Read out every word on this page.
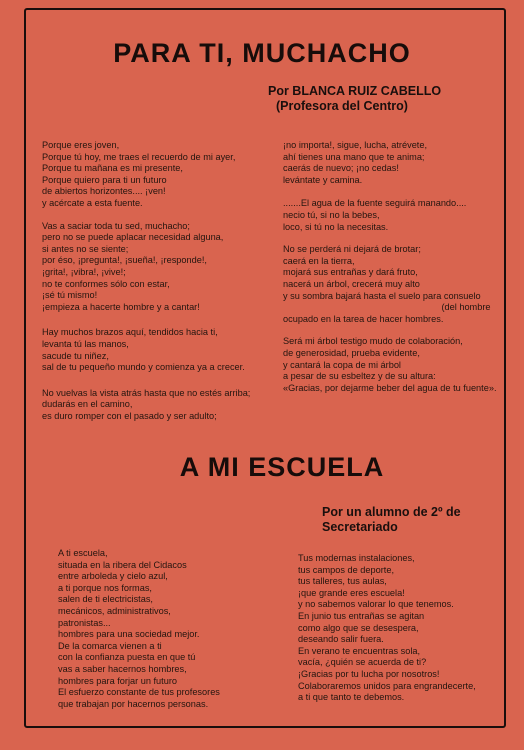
PARA TI, MUCHACHO
Por BLANCA RUIZ CABELLO
(Profesora del Centro)
Porque eres joven,
Porque tú hoy, me traes el recuerdo de mi ayer,
Porque tu mañana es mi presente,
Porque quiero para ti un futuro
de abiertos horizontes.... ¡ven!
y acércate a esta fuente.
Vas a saciar toda tu sed, muchacho;
pero no se puede aplacar necesidad alguna,
si antes no se siente;
por éso, ¡pregunta!, ¡sueña!, ¡responde!,
¡grita!, ¡vibra!, ¡vive!;
no te conformes sólo con estar,
¡sé tú mismo!
¡empieza a hacerte hombre y a cantar!
Hay muchos brazos aquí, tendidos hacia ti,
levanta tú las manos,
sacude tu niñez,
sal de tu pequeño mundo y comienza ya a crecer.
No vuelvas la vista atrás hasta que no estés arriba;
dudarás en el camino,
es duro romper con el pasado y ser adulto;
¡no importa!, sigue, lucha, atrévete,
ahí tienes una mano que te anima;
caerás de nuevo; ¡no cedas!
levántate y camina.
.......El agua de la fuente seguirá manando....
necio tú, si no la bebes,
loco, si tú no la necesitas.
No se perderá ni dejará de brotar;
caerá en la tierra,
mojará sus entrañas y dará fruto,
nacerá un árbol, crecerá muy alto
y su sombra bajará hasta el suelo para consuelo
(del hombre
ocupado en la tarea de hacer hombres.
Será mi árbol testigo mudo de colaboración,
de generosidad, prueba evidente,
y cantará la copa de mi árbol
a pesar de su esbeltez y de su altura:
«Gracias, por dejarme beber del agua de tu fuente».
A MI ESCUELA
Por un alumno de 2º de
Secretariado
A ti escuela,
situada en la ribera del Cidacos
entre arboleda y cielo azul,
a ti porque nos formas,
salen de ti electricistas,
mecánicos, administrativos,
patronistas...
hombres para una sociedad mejor.
De la comarca vienen a ti
con la confianza puesta en que tú
vas a saber hacernos hombres,
hombres para forjar un futuro
El esfuerzo constante de tus profesores
que trabajan por hacernos personas.
Tus modernas instalaciones,
tus campos de deporte,
tus talleres, tus aulas,
¡que grande eres escuela!
y no sabemos valorar lo que tenemos.
En junio tus entrañas se agitan
como algo que se desespera,
deseando salir fuera.
En verano te encuentras sola,
vacía, ¿quién se acuerda de ti?
¡Gracias por tu lucha por nosotros!
Colaboraremos unidos para engrandecerte,
a ti que tanto te debemos.
